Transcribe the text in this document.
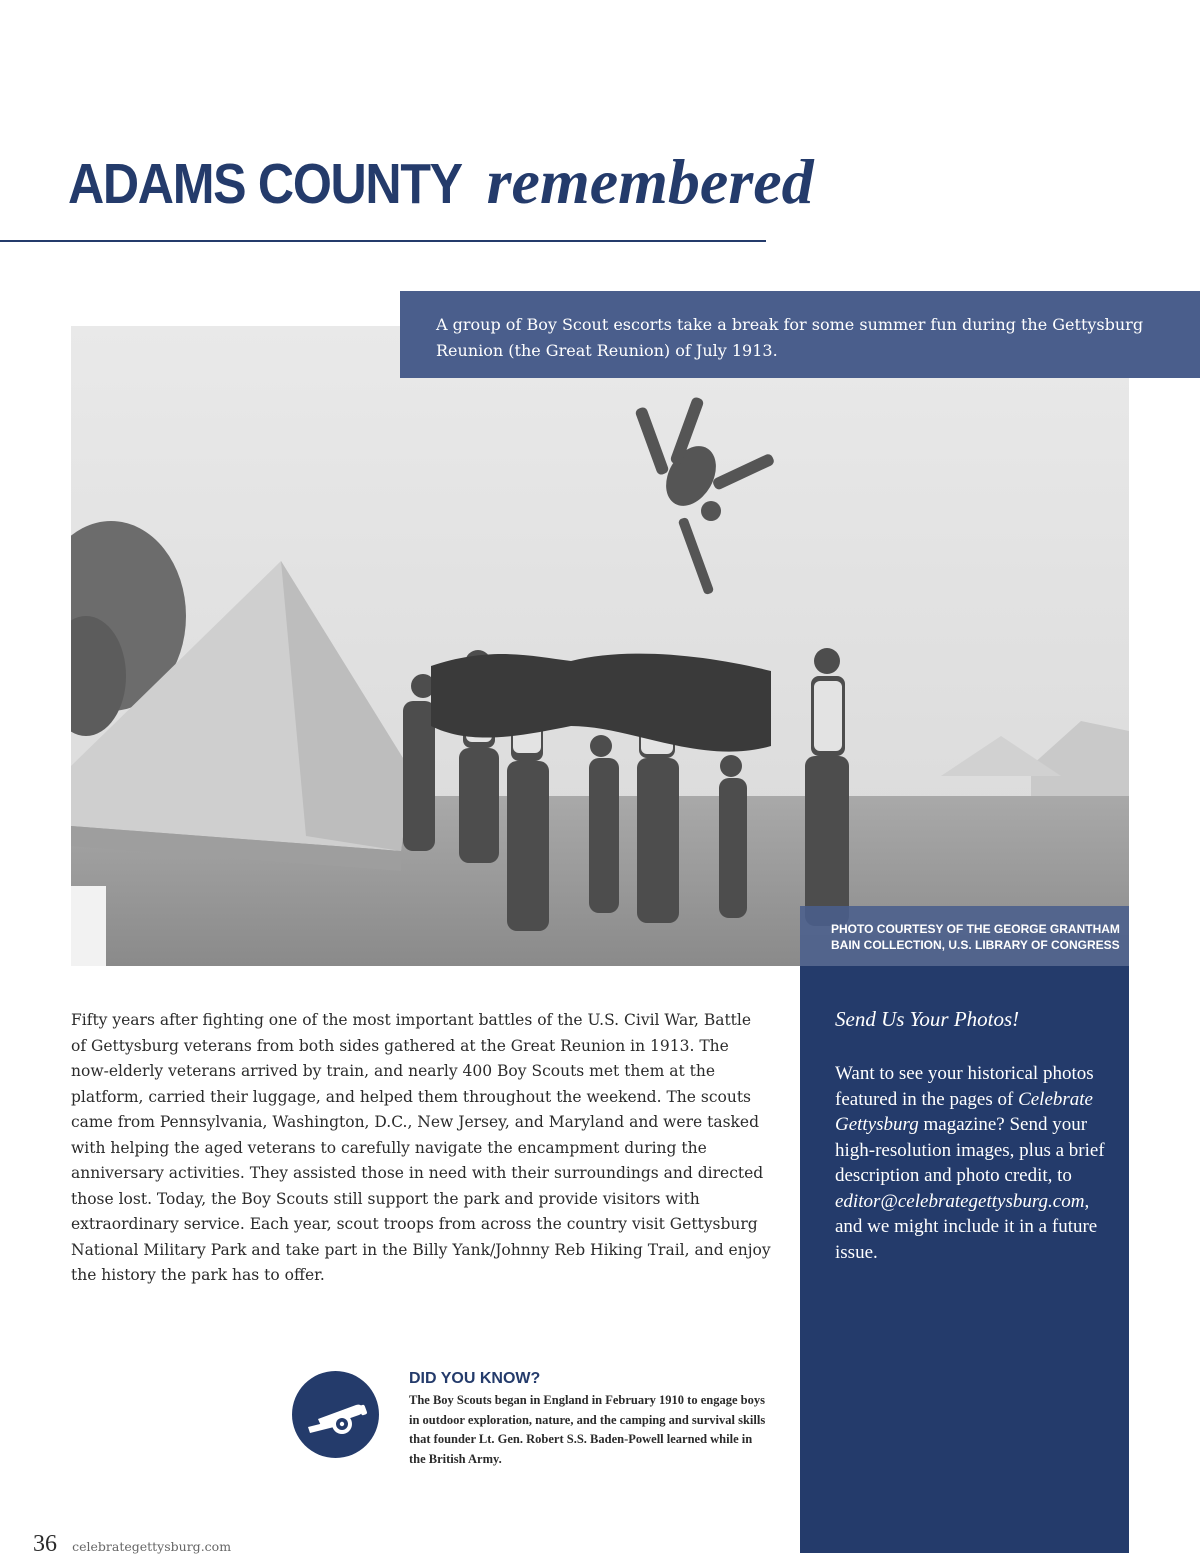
ADAMS COUNTY remembered
A group of Boy Scout escorts take a break for some summer fun during the Gettysburg Reunion (the Great Reunion) of July 1913.
PHOTO COURTESY OF THE GEORGE GRANTHAM BAIN COLLECTION, U.S. LIBRARY OF CONGRESS

Send Us Your Photos!

Want to see your historical photos featured in the pages of Celebrate Gettysburg magazine? Send your high-resolution images, plus a brief description and photo credit, to editor@celebrategettysburg.com, and we might include it in a future issue.

Fifty years after fighting one of the most important battles of the U.S. Civil War, Battle of Gettysburg veterans from both sides gathered at the Great Reunion in 1913. The now-elderly veterans arrived by train, and nearly 400 Boy Scouts met them at the platform, carried their luggage, and helped them throughout the weekend. The scouts came from Pennsylvania, Washington, D.C., New Jersey, and Maryland and were tasked with helping the aged veterans to carefully navigate the encampment during the anniversary activities. They assisted those in need with their surroundings and directed those lost. Today, the Boy Scouts still support the park and provide visitors with extraordinary service. Each year, scout troops from across the country visit Gettysburg National Military Park and take part in the Billy Yank/Johnny Reb Hiking Trail, and enjoy the history the park has to offer.

DID YOU KNOW?

The Boy Scouts began in England in February 1910 to engage boys in outdoor exploration, nature, and the camping and survival skills that founder Lt. Gen. Robert S.S. Baden-Powell learned while in the British Army.

36 celebrategettysburg.com
